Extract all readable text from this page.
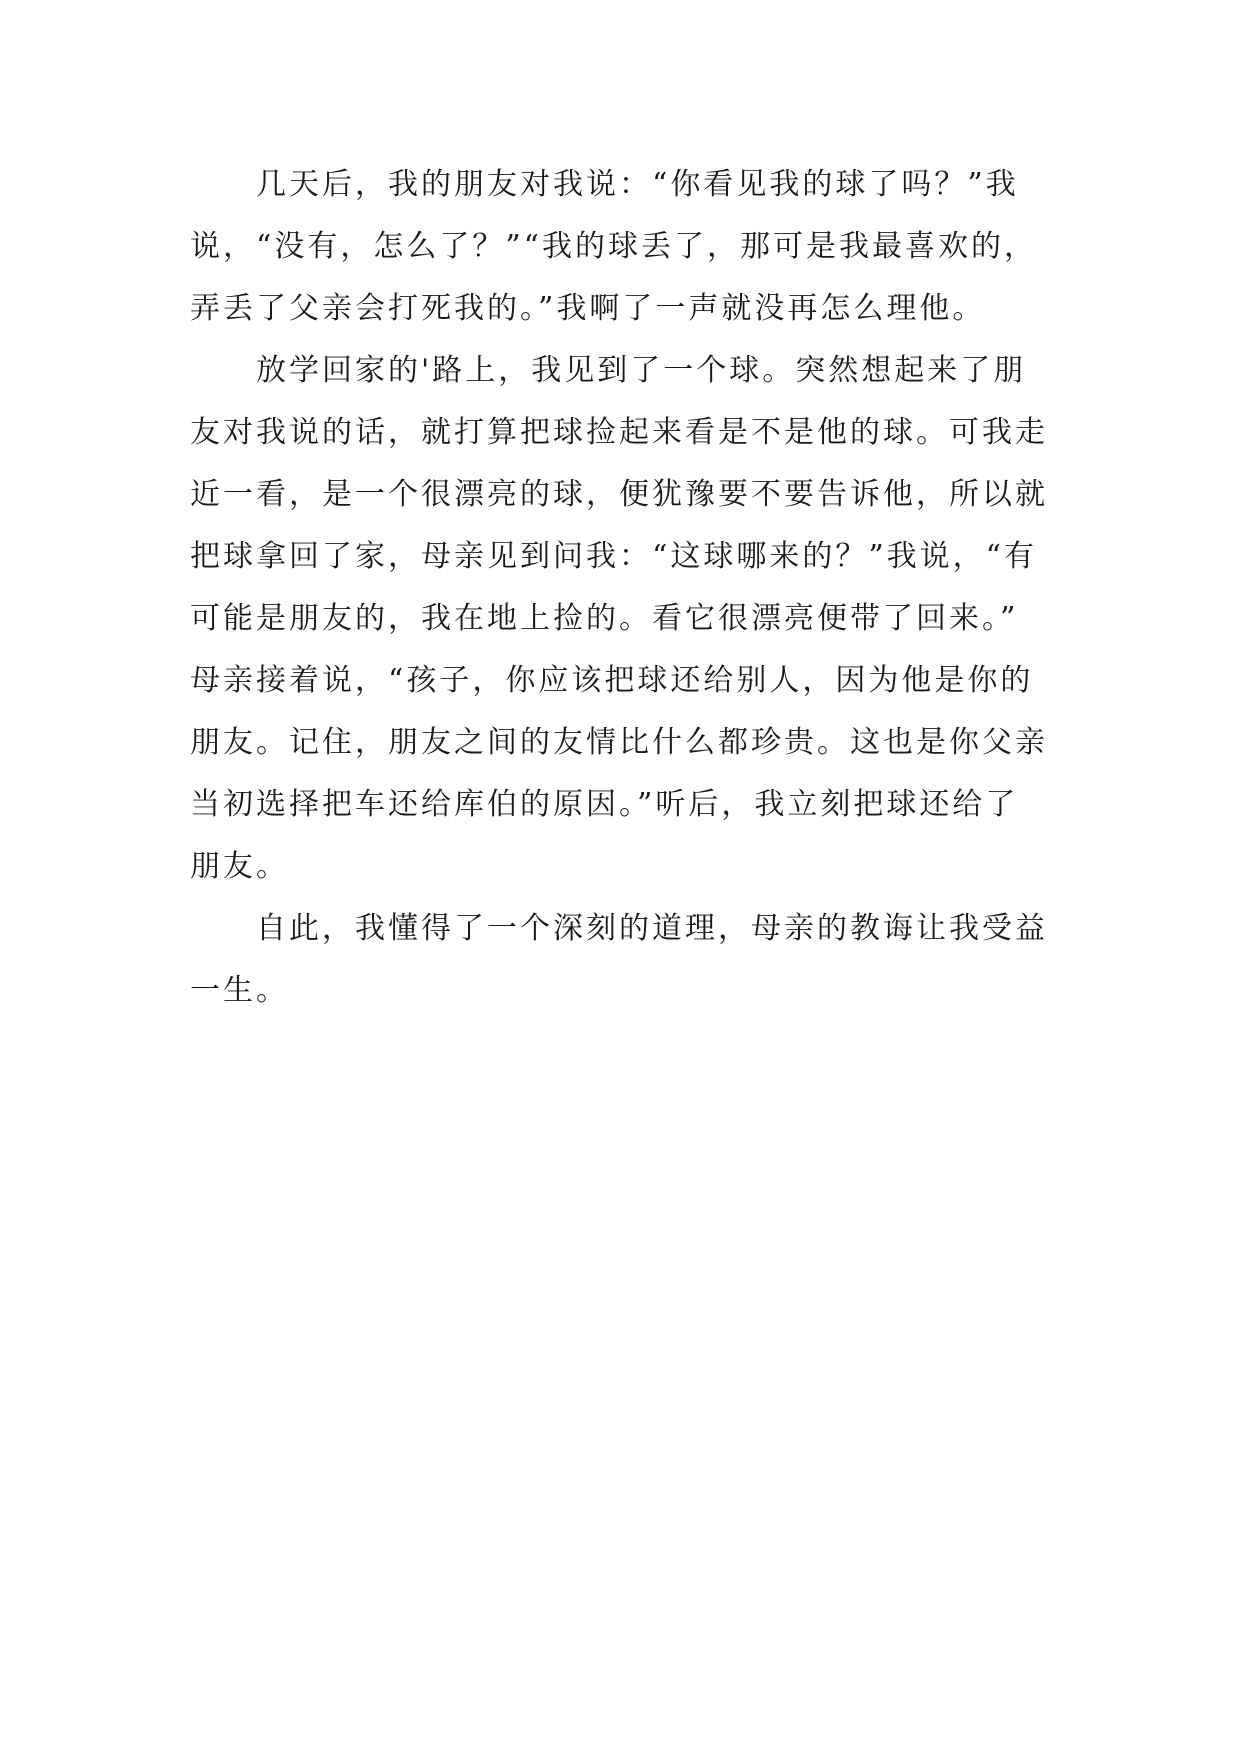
几天后，我的朋友对我说：“你看见我的球了吗？”我

说，“没有，怎么了？”“我的球丢了，那可是我最喜欢的，

弄丢了父亲会打死我的。”我啊了一声就没再怎么理他。

放学回家的'路上，我见到了一个球。突然想起来了朋

友对我说的话，就打算把球捡起来看是不是他的球。可我走

近一看，是一个很漂亮的球，便犹豫要不要告诉他，所以就

把球拿回了家，母亲见到问我：“这球哪来的？”我说，“有

可能是朋友的，我在地上捡的。看它很漂亮便带了回来。”

母亲接着说，“孩子，你应该把球还给别人，因为他是你的

朋友。记住，朋友之间的友情比什么都珍贵。这也是你父亲

当初选择把车还给库伯的原因。”听后，我立刻把球还给了

朋友。

自此，我懂得了一个深刻的道理，母亲的教诲让我受益

一生。
